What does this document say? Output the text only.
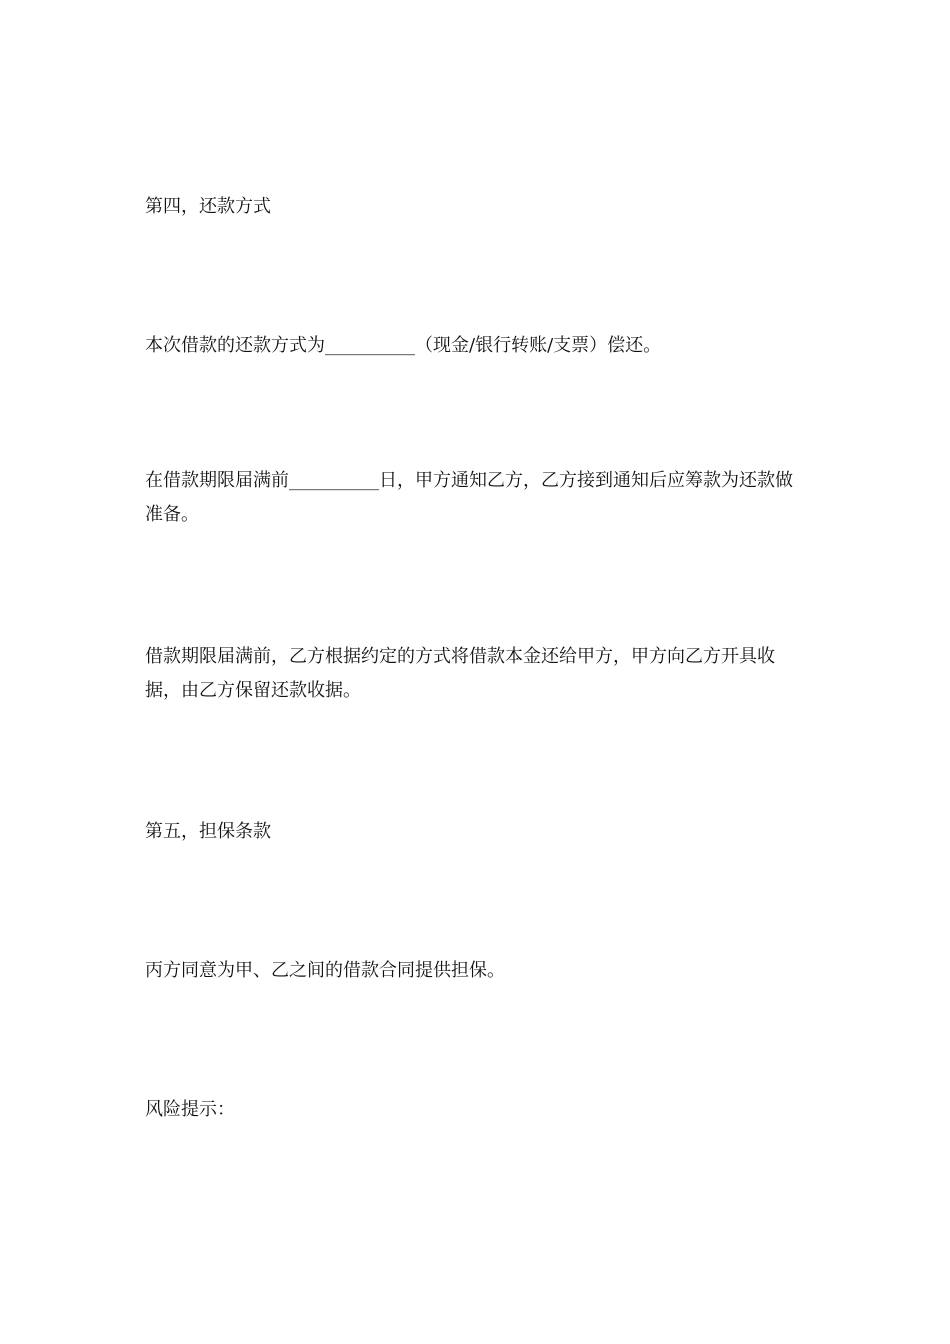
第四，还款方式

本次借款的还款方式为__________（现金/银行转账/支票）偿还。

在借款期限届满前__________日，甲方通知乙方，乙方接到通知后应筹款为还款做准备。

借款期限届满前，乙方根据约定的方式将借款本金还给甲方，甲方向乙方开具收据，由乙方保留还款收据。

第五，担保条款

丙方同意为甲、乙之间的借款合同提供担保。

风险提示：
